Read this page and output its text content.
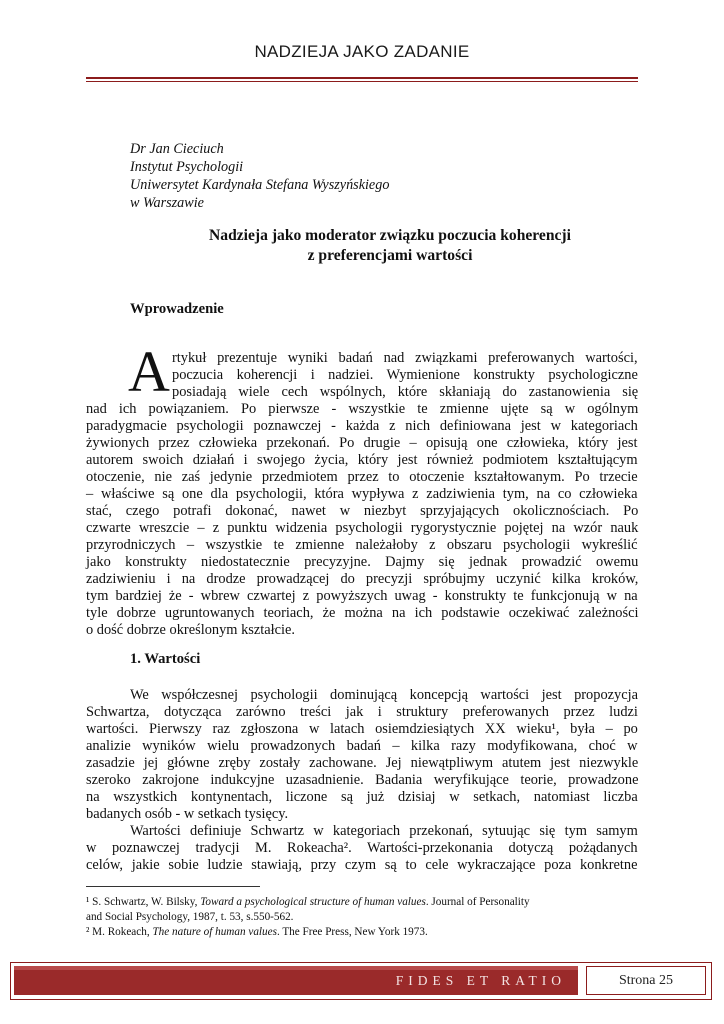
NADZIEJA JAKO ZADANIE
Dr Jan Cieciuch
Instytut Psychologii
Uniwersytet Kardynała Stefana Wyszyńskiego
w Warszawie
Nadzieja jako moderator związku poczucia koherencji
z preferencjami wartości
Wprowadzenie
A rtykuł prezentuje wyniki badań nad związkami preferowanych wartości,
poczucia koherencji i nadziei. Wymienione konstrukty psychologiczne
posiadają wiele cech wspólnych, które skłaniają do zastanowienia się
nad ich powiązaniem. Po pierwsze - wszystkie te zmienne ujęte są w ogólnym
paradygmacie psychologii poznawczej - każda z nich definiowana jest w kategoriach
żywionych przez człowieka przekonań. Po drugie – opisują one człowieka, który jest
autorem swoich działań i swojego życia, który jest również podmiotem kształtującym
otoczenie, nie zaś jedynie przedmiotem przez to otoczenie kształtowanym. Po trzecie
– właściwe są one dla psychologii, która wypływa z zadziwienia tym, na co człowieka
stać, czego potrafi dokonać, nawet w niezbyt sprzyjających okolicznościach. Po
czwarte wreszcie – z punktu widzenia psychologii rygorystycznie pojętej na wzór nauk
przyrodniczych – wszystkie te zmienne należałoby z obszaru psychologii wykreślić
jako konstrukty niedostatecznie precyzyjne. Dajmy się jednak prowadzić owemu
zadziwieniu i na drodze prowadzącej do precyzji spróbujmy uczynić kilka kroków,
tym bardziej że - wbrew czwartej z powyższych uwag - konstrukty te funkcjonują w na
tyle dobrze ugruntowanych teoriach, że można na ich podstawie oczekiwać zależności
o dość dobrze określonym kształcie.
1. Wartości
We współczesnej psychologii dominującą koncepcją wartości jest propozycja
Schwartza, dotycząca zarówno treści jak i struktury preferowanych przez ludzi
wartości. Pierwszy raz zgłoszona w latach osiemdziesiątych XX wieku¹, była – po
analizie wyników wielu prowadzonych badań – kilka razy modyfikowana, choć w
zasadzie jej główne zręby zostały zachowane. Jej niewątpliwym atutem jest niezwykle
szeroko zakrojone indukcyjne uzasadnienie. Badania weryfikujące teorie, prowadzone
na wszystkich kontynentach, liczone są już dzisiaj w setkach, natomiast liczba
badanych osób - w setkach tysięcy.
Wartości definiuje Schwartz w kategoriach przekonań, sytuując się tym samym
w poznawczej tradycji M. Rokeacha². Wartości-przekonania dotyczą pożądanych
celów, jakie sobie ludzie stawiają, przy czym są to cele wykraczające poza konkretne
¹ S. Schwartz, W. Bilsky, Toward a psychological structure of human values. Journal of Personality
and Social Psychology, 1987, t. 53, s.550-562.
² M. Rokeach, The nature of human values. The Free Press, New York 1973.
FIDES ET RATIO	Strona 25
